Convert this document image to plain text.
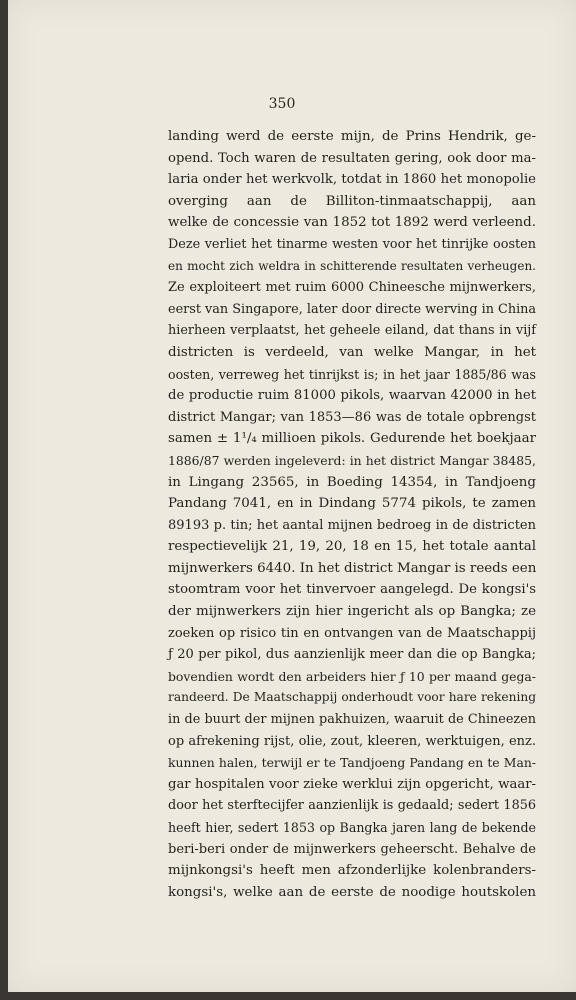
350
landing werd de eerste mijn, de Prins Hendrik, ge-
opend. Toch waren de resultaten gering, ook door ma-
laria onder het werkvolk, totdat in 1860 het monopolie
overging aan de Billiton-tinmaatschappij, aan
welke de concessie van 1852 tot 1892 werd verleend.
Deze verliet het tinarme westen voor het tinrijke oosten
en mocht zich weldra in schitterende resultaten verheugen.
Ze exploiteert met ruim 6000 Chineesche mijnwerkers,
eerst van Singapore, later door directe werving in China
hierheen verplaatst, het geheele eiland, dat thans in vijf
districten is verdeeld, van welke Mangar, in het
oosten, verreweg het tinrijkst is; in het jaar 1885/86 was
de productie ruim 81000 pikols, waarvan 42000 in het
district Mangar; van 1853—86 was de totale opbrengst
samen ± 1¹/₄ millioen pikols. Gedurende het boekjaar
1886/87 werden ingeleverd: in het district Mangar 38485,
in Lingang 23565, in Boeding 14354, in Tandjoeng
Pandang 7041, en in Dindang 5774 pikols, te zamen
89193 p. tin; het aantal mijnen bedroeg in de districten
respectievelijk 21, 19, 20, 18 en 15, het totale aantal
mijnwerkers 6440. In het district Mangar is reeds een
stoomtram voor het tinvervoer aangelegd. De kongsi's
der mijnwerkers zijn hier ingericht als op Bangka; ze
zoeken op risico tin en ontvangen van de Maatschappij
ƒ 20 per pikol, dus aanzienlijk meer dan die op Bangka;
bovendien wordt den arbeiders hier ƒ 10 per maand gega-
randeerd. De Maatschappij onderhoudt voor hare rekening
in de buurt der mijnen pakhuizen, waaruit de Chineezen
op afrekening rijst, olie, zout, kleeren, werktuigen, enz.
kunnen halen, terwijl er te Tandjoeng Pandang en te Man-
gar hospitalen voor zieke werklui zijn opgericht, waar-
door het sterftecijfer aanzienlijk is gedaald; sedert 1856
heeft hier, sedert 1853 op Bangka jaren lang de bekende
beri-beri onder de mijnwerkers geheerscht. Behalve de
mijnkongsi's heeft men afzonderlijke kolenbranders-
kongsi's, welke aan de eerste de noodige houtskolen
